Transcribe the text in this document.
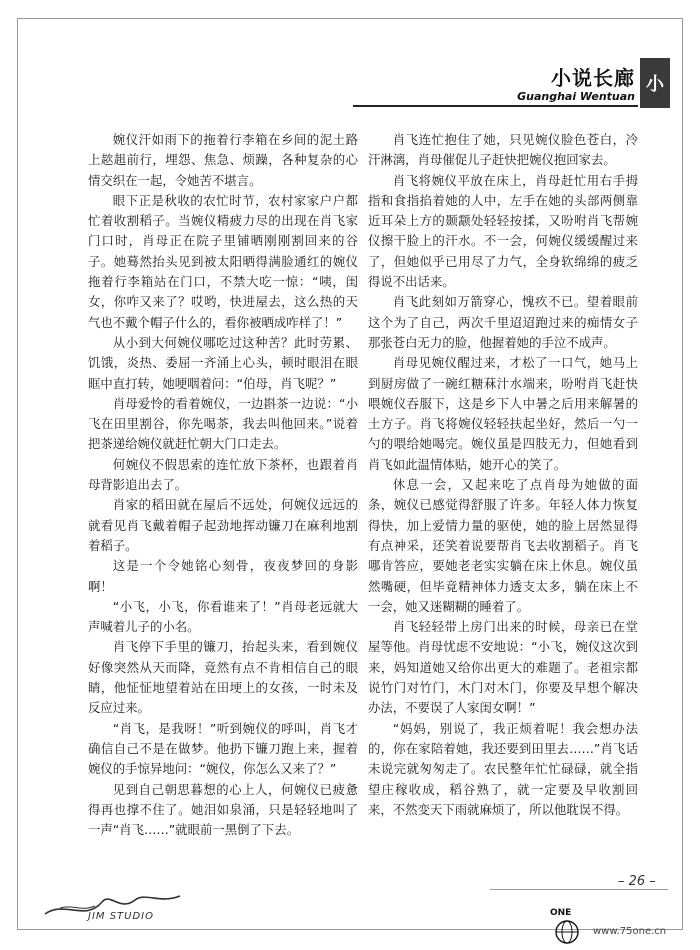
小说长廊
Guanghai Wentuan
小

婉仪汗如雨下的拖着行李箱在乡间的泥土路上趑趄前行，埋怨、焦急、烦躁，各种复杂的心情交织在一起，令她苦不堪言。

眼下正是秋收的农忙时节，农村家家户户都忙着收割稻子。当婉仪精疲力尽的出现在肖飞家门口时，肖母正在院子里铺晒刚刚割回来的谷子。她蓦然抬头见到被太阳晒得满脸通红的婉仪拖着行李箱站在门口，不禁大吃一惊：“咦，闺女，你咋又来了？哎哟，快进屋去，这么热的天气也不戴个帽子什么的，看你被晒成咋样了！”

从小到大何婉仪哪吃过这种苦？此时劳累、饥饿，炎热、委屈一齐涌上心头，顿时眼泪在眼眶中直打转，她哽咽着问：“伯母，肖飞呢？”

肖母爱怜的看着婉仪，一边斟茶一边说：“小飞在田里割谷，你先喝茶，我去叫他回来。”说着把茶递给婉仪就赶忙朝大门口走去。

何婉仪不假思索的连忙放下茶杯，也跟着肖母背影追出去了。

肖家的稻田就在屋后不远处，何婉仪远远的就看见肖飞戴着帽子起劲地挥动镰刀在麻利地割着稻子。

这是一个令她铭心刻骨，夜夜梦回的身影啊！

“小飞，小飞，你看谁来了！”肖母老远就大声喊着儿子的小名。

肖飞停下手里的镰刀，抬起头来，看到婉仪好像突然从天而降，竟然有点不肯相信自己的眼睛，他怔怔地望着站在田埂上的女孩，一时未及反应过来。

“肖飞，是我呀！”听到婉仪的呼叫，肖飞才确信自己不是在做梦。他扔下镰刀跑上来，握着婉仪的手惊异地问：“婉仪，你怎么又来了？”

见到自己朝思暮想的心上人，何婉仪已疲惫得再也撑不住了。她泪如泉涌，只是轻轻地叫了一声“肖飞……”就眼前一黑倒了下去。

肖飞连忙抱住了她，只见婉仪脸色苍白，冷汗淋漓，肖母催促儿子赶快把婉仪抱回家去。

肖飞将婉仪平放在床上，肖母赶忙用右手拇指和食指掐着她的人中，左手在她的头部两侧靠近耳朵上方的颞颥处轻轻按揉，又吩咐肖飞帮婉仪擦干脸上的汗水。不一会，何婉仪缓缓醒过来了，但她似乎已用尽了力气，全身软绵绵的疲乏得说不出话来。

肖飞此刻如万箭穿心，愧疚不已。望着眼前这个为了自己，两次千里迢迢跑过来的痴情女子那张苍白无力的脸，他握着她的手泣不成声。

肖母见婉仪醒过来，才松了一口气，她马上到厨房做了一碗红糖菻汁水端来，吩咐肖飞赶快喂婉仪吞服下，这是乡下人中暑之后用来解暑的土方子。肖飞将婉仪轻轻扶起坐好，然后一勺一勺的喂给她喝完。婉仪虽是四肢无力，但她看到肖飞如此温情体贴，她开心的笑了。

休息一会，又起来吃了点肖母为她做的面条，婉仪已感觉得舒服了许多。年轻人体力恢复得快，加上爱情力量的驱使，她的脸上居然显得有点神采，还笑着说要帮肖飞去收割稻子。肖飞哪肯答应，要她老老实实躺在床上休息。婉仪虽然嘴硬，但毕竟精神体力透支太多，躺在床上不一会，她又迷糊糊的睡着了。

肖飞轻轻带上房门出来的时候，母亲已在堂屋等他。肖母忧虑不安地说：“小飞，婉仪这次到来，妈知道她又给你出更大的难题了。老祖宗都说竹门对竹门，木门对木门，你要及早想个解决办法，不要误了人家闺女啊！”

“妈妈，别说了，我正烦着呢！我会想办法的，你在家陪着她，我还要到田里去……”肖飞话未说完就匆匆走了。农民整年忙忙碌碌，就全指望庄稼收成，稻谷熟了，就一定要及早收割回来，不然变天下雨就麻烦了，所以他耽误不得。

– 26 –
JIM STUDIO	ONE
www.75one.cn
